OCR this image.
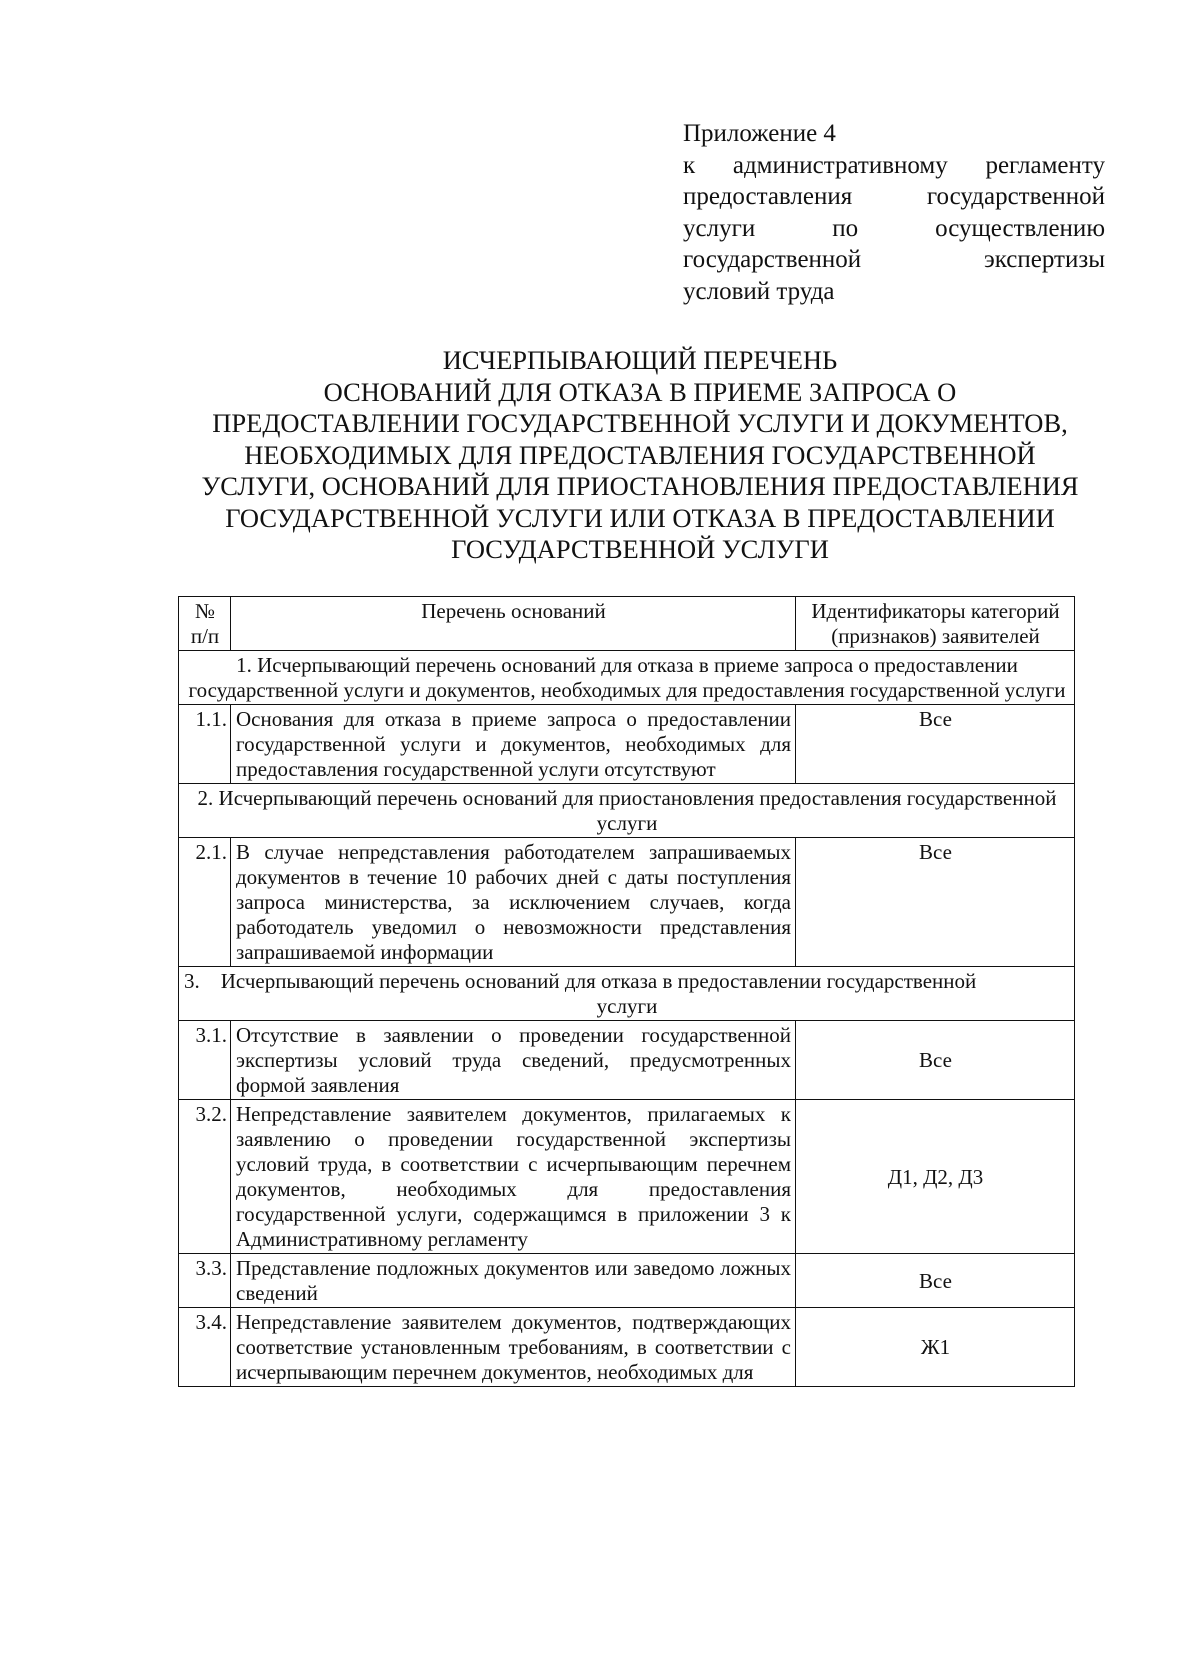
Приложение 4
к административному регламенту
предоставления государственной
услуги по осуществлению
государственной экспертизы
условий труда
ИСЧЕРПЫВАЮЩИЙ ПЕРЕЧЕНЬ
ОСНОВАНИЙ ДЛЯ ОТКАЗА В ПРИЕМЕ ЗАПРОСА О
ПРЕДОСТАВЛЕНИИ ГОСУДАРСТВЕННОЙ УСЛУГИ И ДОКУМЕНТОВ,
НЕОБХОДИМЫХ ДЛЯ ПРЕДОСТАВЛЕНИЯ ГОСУДАРСТВЕННОЙ
УСЛУГИ, ОСНОВАНИЙ ДЛЯ ПРИОСТАНОВЛЕНИЯ ПРЕДОСТАВЛЕНИЯ
ГОСУДАРСТВЕННОЙ УСЛУГИ ИЛИ ОТКАЗА В ПРЕДОСТАВЛЕНИИ
ГОСУДАРСТВЕННОЙ УСЛУГИ
№ п/п	Перечень оснований	Идентификаторы категорий (признаков) заявителей
1. Исчерпывающий перечень оснований для отказа в приеме запроса о предоставлении государственной услуги и документов, необходимых для предоставления государственной услуги		
1.1.	Основания для отказа в приеме запроса о предоставлении государственной услуги и документов, необходимых для предоставления государственной услуги отсутствуют	Все
2. Исчерпывающий перечень оснований для приостановления предоставления государственной услуги		
2.1.	В случае непредставления работодателем запрашиваемых документов в течение 10 рабочих дней с даты поступления запроса министерства, за исключением случаев, когда работодатель уведомил о невозможности представления запрашиваемой информации	Все
3. Исчерпывающий перечень оснований для отказа в предоставлении государственной
услуги		

3.1.	Отсутствие в заявлении о проведении государственной экспертизы условий труда сведений, предусмотренных формой заявления	Все
3.2.	Непредставление заявителем документов, прилагаемых к заявлению о проведении государственной экспертизы условий труда, в соответствии с исчерпывающим перечнем документов, необходимых для предоставления государственной услуги, содержащимся в приложении 3 к Административному регламенту	Д1, Д2, Д3
3.3.	Представление подложных документов или заведомо ложных сведений	Все
3.4.	Непредставление заявителем документов, подтверждающих соответствие установленным требованиям, в соответствии с исчерпывающим перечнем документов, необходимых для	Ж1
